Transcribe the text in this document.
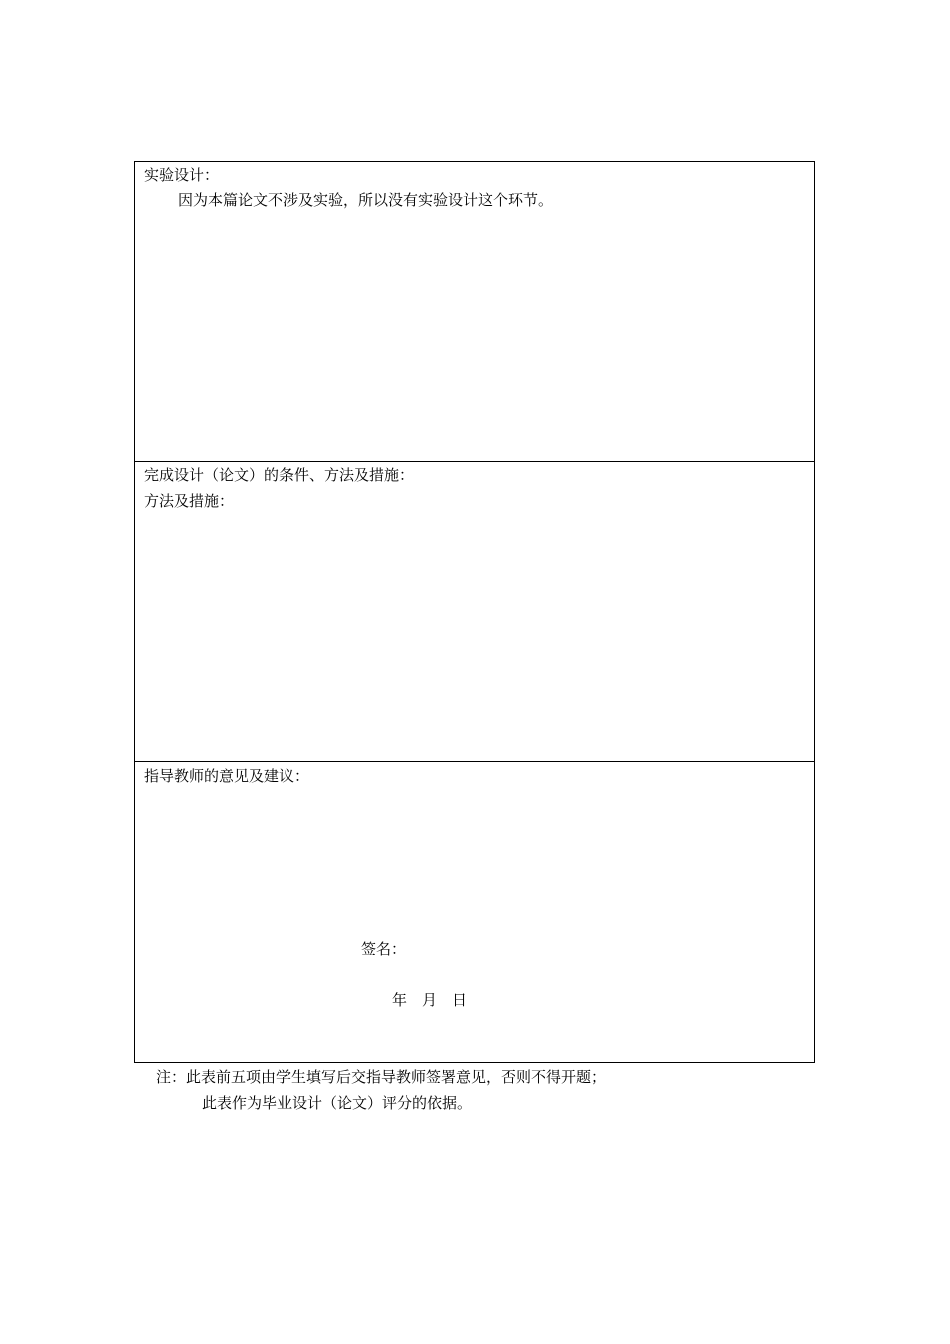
实验设计：
因为本篇论文不涉及实验，所以没有实验设计这个环节。
完成设计（论文）的条件、方法及措施：
方法及措施：
指导教师的意见及建议：
签名：
年　月　日
注：此表前五项由学生填写后交指导教师签署意见，否则不得开题；
此表作为毕业设计（论文）评分的依据。
